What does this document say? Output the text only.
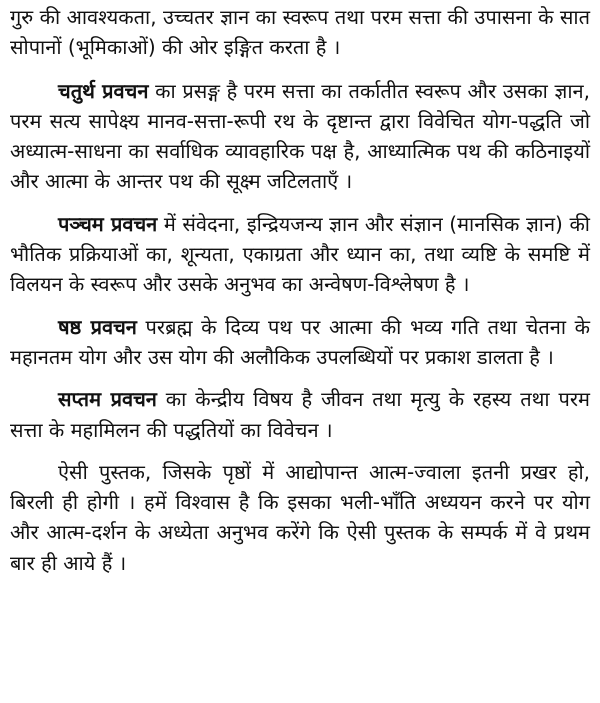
गुरु की आवश्यकता, उच्चतर ज्ञान का स्वरूप तथा परम सत्ता की उपासना के सात सोपानों (भूमिकाओं) की ओर इङ्गित करता है ।

चतुर्थ प्रवचन का प्रसङ्ग है परम सत्ता का तर्कातीत स्वरूप और उसका ज्ञान, परम सत्य सापेक्ष्य मानव-सत्ता-रूपी रथ के दृष्टान्त द्वारा विवेचित योग-पद्धति जो अध्यात्म-साधना का सर्वाधिक व्यावहारिक पक्ष है, आध्यात्मिक पथ की कठिनाइयों और आत्मा के आन्तर पथ की सूक्ष्म जटिलताएँ ।

पञ्चम प्रवचन में संवेदना, इन्द्रियजन्य ज्ञान और संज्ञान (मानसिक ज्ञान) की भौतिक प्रक्रियाओं का, शून्यता, एकाग्रता और ध्यान का, तथा व्यष्टि के समष्टि में विलयन के स्वरूप और उसके अनुभव का अन्वेषण-विश्लेषण है ।

षष्ठ प्रवचन परब्रह्म के दिव्य पथ पर आत्मा की भव्य गति तथा चेतना के महानतम योग और उस योग की अलौकिक उपलब्धियों पर प्रकाश डालता है ।

सप्तम प्रवचन का केन्द्रीय विषय है जीवन तथा मृत्यु के रहस्य तथा परम सत्ता के महामिलन की पद्धतियों का विवेचन ।

ऐसी पुस्तक, जिसके पृष्ठों में आद्योपान्त आत्म-ज्वाला इतनी प्रखर हो, बिरली ही होगी । हमें विश्वास है कि इसका भली-भाँति अध्ययन करने पर योग और आत्म-दर्शन के अध्येता अनुभव करेंगे कि ऐसी पुस्तक के सम्पर्क में वे प्रथम बार ही आये हैं ।
